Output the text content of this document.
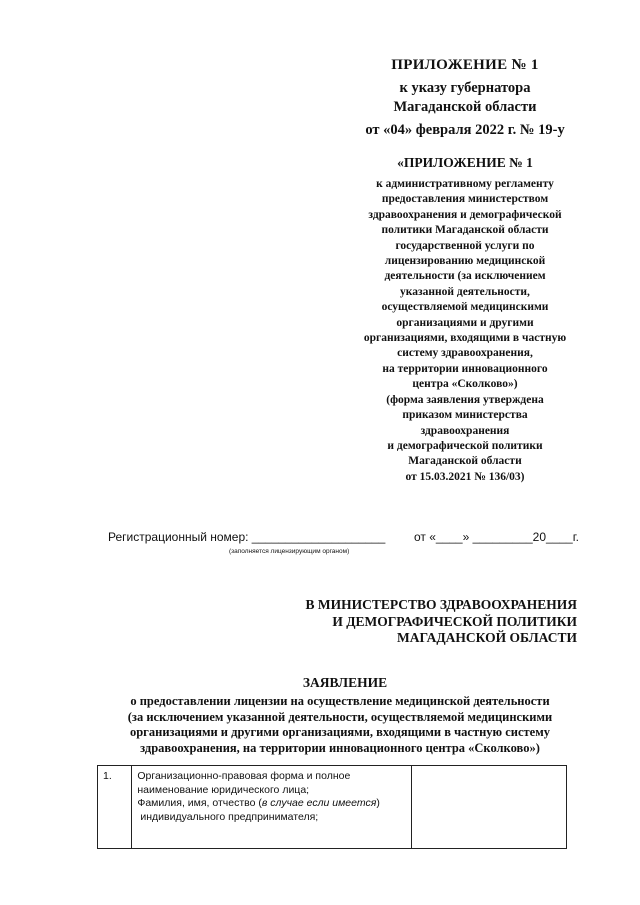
ПРИЛОЖЕНИЕ № 1
к указу губернатора
Магаданской области
от «04» февраля 2022 г. № 19-у
«ПРИЛОЖЕНИЕ № 1
к административному регламенту
предоставления министерством
здравоохранения и демографической
политики Магаданской области
государственной услуги по
лицензированию медицинской
деятельности (за исключением
указанной деятельности,
осуществляемой медицинскими
организациями и другими
организациями, входящими в частную
систему здравоохранения,
на территории инновационного
центра «Сколково»)
(форма заявления утверждена
приказом министерства
здравоохранения
и демографической политики
Магаданской области
от 15.03.2021 № 136/03)
Регистрационный номер: ____________________ от «____» _________20____г.
(заполняется лицензирующим органом)
В МИНИСТЕРСТВО ЗДРАВООХРАНЕНИЯ
И ДЕМОГРАФИЧЕСКОЙ ПОЛИТИКИ
МАГАДАНСКОЙ ОБЛАСТИ
ЗАЯВЛЕНИЕ
о предоставлении лицензии на осуществление медицинской деятельности
(за исключением указанной деятельности, осуществляемой медицинскими
организациями и другими организациями, входящими в частную систему
здравоохранения, на территории инновационного центра «Сколково»)
1.	Организационно-правовая форма и полное
наименование юридического лица;
Фамилия, имя, отчество (в случае если имеется)
индивидуального предпринимателя;
